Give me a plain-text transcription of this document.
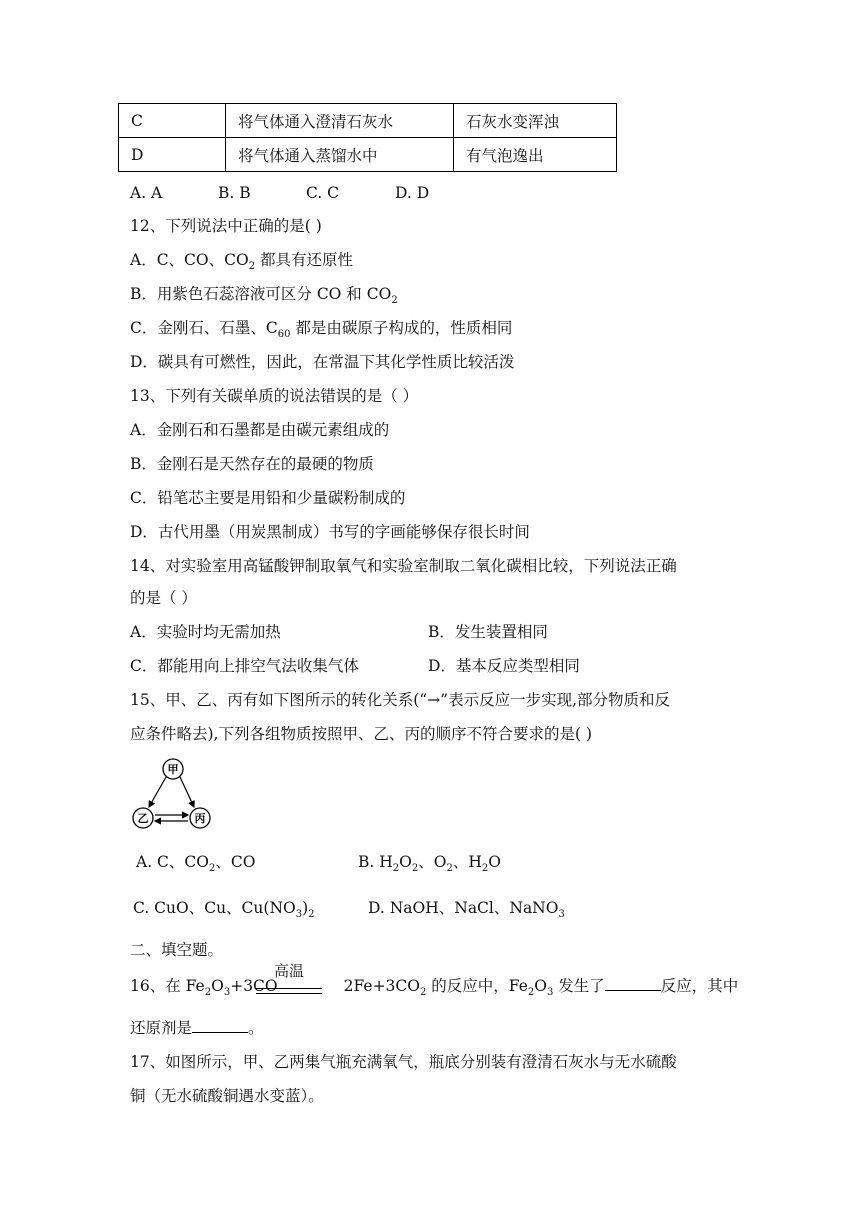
C	将气体通入澄清石灰水	石灰水变浑浊
D	将气体通入蒸馏水中	有气泡逸出
A. A	B. B	C. C	D. D
12、下列说法中正确的是( )
A．C、CO、$CO_2$ 都具有还原性
B．用紫色石蕊溶液可区分 CO 和 $CO_2$
C．金刚石、石墨、$C_{60}$ 都是由碳原子构成的，性质相同
D．碳具有可燃性，因此，在常温下其化学性质比较活泼
13、下列有关碳单质的说法错误的是（ ）
A．金刚石和石墨都是由碳元素组成的
B．金刚石是天然存在的最硬的物质
C．铅笔芯主要是用铅和少量碳粉制成的
D．古代用墨（用炭黑制成）书写的字画能够保存很长时间
14、对实验室用高锰酸钾制取氧气和实验室制取二氧化碳相比较，下列说法正确
的是（ ）
A．实验时均无需加热	B．发生装置相同
C．都能用向上排空气法收集气体	D．基本反应类型相同
15、甲、乙、丙有如下图所示的转化关系(“→”表示反应一步实现,部分物质和反
应条件略去),下列各组物质按照甲、乙、丙的顺序不符合要求的是( )
甲
乙	丙
A. C、$CO_2$、CO	B. $H_2O_2$、$O_2$、$H_2O$
C. CuO、Cu、$Cu(NO_3)_2$	D. NaOH、NaCl、NaNO$_3$
二、填空题。
高温
16、在 $Fe_2O_3+3CO$	$2Fe+3CO_2$ 的反应中，$Fe_2O_3$ 发生了	反应，其中
还原剂是	。
17、如图所示，甲、乙两集气瓶充满氧气，瓶底分别装有澄清石灰水与无水硫酸
铜（无水硫酸铜遇水变蓝）。
